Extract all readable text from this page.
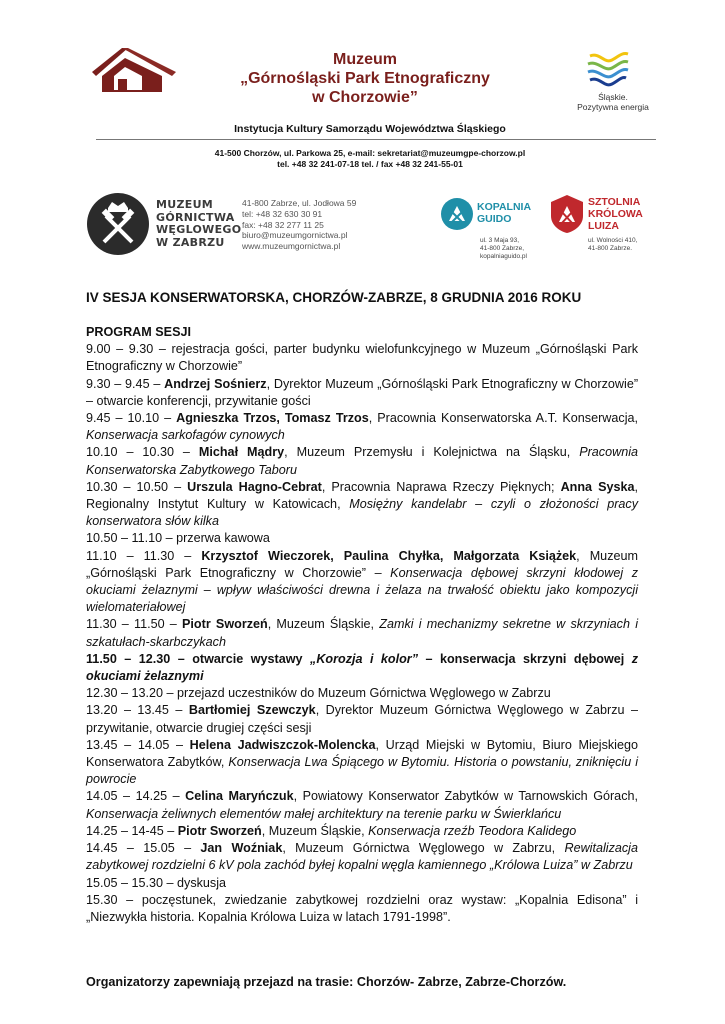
Muzeum
„Górnośląski Park Etnograficzny
w Chorzowie”	Śląskie.
Pozytywna energia
Instytucja Kultury Samorządu Województwa Śląskiego
41-500 Chorzów, ul. Parkowa 25, e-mail: sekretariat@muzeumgpe-chorzow.pl
tel. +48 32 241-07-18 tel. / fax +48 32 241-55-01
MUZEUM
GÓRNICTWA
WĘGLOWEGO
W ZABRZU
41-800 Zabrze, ul. Jodłowa 59
tel: +48 32 630 30 91
fax: +48 32 277 11 25
biuro@muzeumgornictwa.pl
www.muzeumgornictwa.pl
KOPALNIA
GUIDO
ul. 3 Maja 93,
41-800 Zabrze,
kopalniaguido.pl
SZTOLNIA
KRÓLOWA
LUIZA
ul. Wolności 410,
41-800 Zabrze.
IV SESJA KONSERWATORSKA, CHORZÓW-ZABRZE, 8 GRUDNIA 2016 ROKU
PROGRAM SESJI

9.00 – 9.30 – rejestracja gości, parter budynku wielofunkcyjnego w Muzeum „Górnośląski Park Etnograficzny w Chorzowie”

9.30 – 9.45 – Andrzej Sośnierz, Dyrektor Muzeum „Górnośląski Park Etnograficzny w Chorzowie” – otwarcie konferencji, przywitanie gości

9.45 – 10.10 – Agnieszka Trzos, Tomasz Trzos, Pracownia Konserwatorska A.T. Konserwacja, Konserwacja sarkofagów cynowych

10.10 – 10.30 – Michał Mądry, Muzeum Przemysłu i Kolejnictwa na Śląsku, Pracownia Konserwatorska Zabytkowego Taboru

10.30 – 10.50 – Urszula Hagno-Cebrat, Pracownia Naprawa Rzeczy Pięknych; Anna Syska, Regionalny Instytut Kultury w Katowicach, Mosiężny kandelabr – czyli o złożoności pracy konserwatora słów kilka

10.50 – 11.10 – przerwa kawowa

11.10 – 11.30 – Krzysztof Wieczorek, Paulina Chyłka, Małgorzata Książek, Muzeum „Górnośląski Park Etnograficzny w Chorzowie” – Konserwacja dębowej skrzyni kłodowej z okuciami żelaznymi – wpływ właściwości drewna i żelaza na trwałość obiektu jako kompozycji wielomateriałowej

11.30 – 11.50 – Piotr Sworzeń, Muzeum Śląskie, Zamki i mechanizmy sekretne w skrzyniach i szkatułach-skarbczykach

11.50 – 12.30 – otwarcie wystawy „Korozja i kolor” – konserwacja skrzyni dębowej z okuciami żelaznymi

12.30 – 13.20 – przejazd uczestników do Muzeum Górnictwa Węglowego w Zabrzu

13.20 – 13.45 – Bartłomiej Szewczyk, Dyrektor Muzeum Górnictwa Węglowego w Zabrzu – przywitanie, otwarcie drugiej części sesji

13.45 – 14.05 – Helena Jadwiszczok-Molencka, Urząd Miejski w Bytomiu, Biuro Miejskiego Konserwatora Zabytków, Konserwacja Lwa Śpiącego w Bytomiu. Historia o powstaniu, zniknięciu i powrocie

14.05 – 14.25 – Celina Maryńczuk, Powiatowy Konserwator Zabytków w Tarnowskich Górach, Konserwacja żeliwnych elementów małej architektury na terenie parku w Świerklańcu

14.25 – 14-45 – Piotr Sworzeń, Muzeum Śląskie, Konserwacja rzeźb Teodora Kalidego

14.45 – 15.05 – Jan Woźniak, Muzeum Górnictwa Węglowego w Zabrzu, Rewitalizacja zabytkowej rozdzielni 6 kV pola zachód byłej kopalni węgla kamiennego „Królowa Luiza” w Zabrzu

15.05 – 15.30 – dyskusja

15.30 – poczęstunek, zwiedzanie zabytkowej rozdzielni oraz wystaw: „Kopalnia Edisona” i „Niezwykła historia. Kopalnia Królowa Luiza w latach 1791-1998”.

Organizatorzy zapewniają przejazd na trasie: Chorzów- Zabrze, Zabrze-Chorzów.
